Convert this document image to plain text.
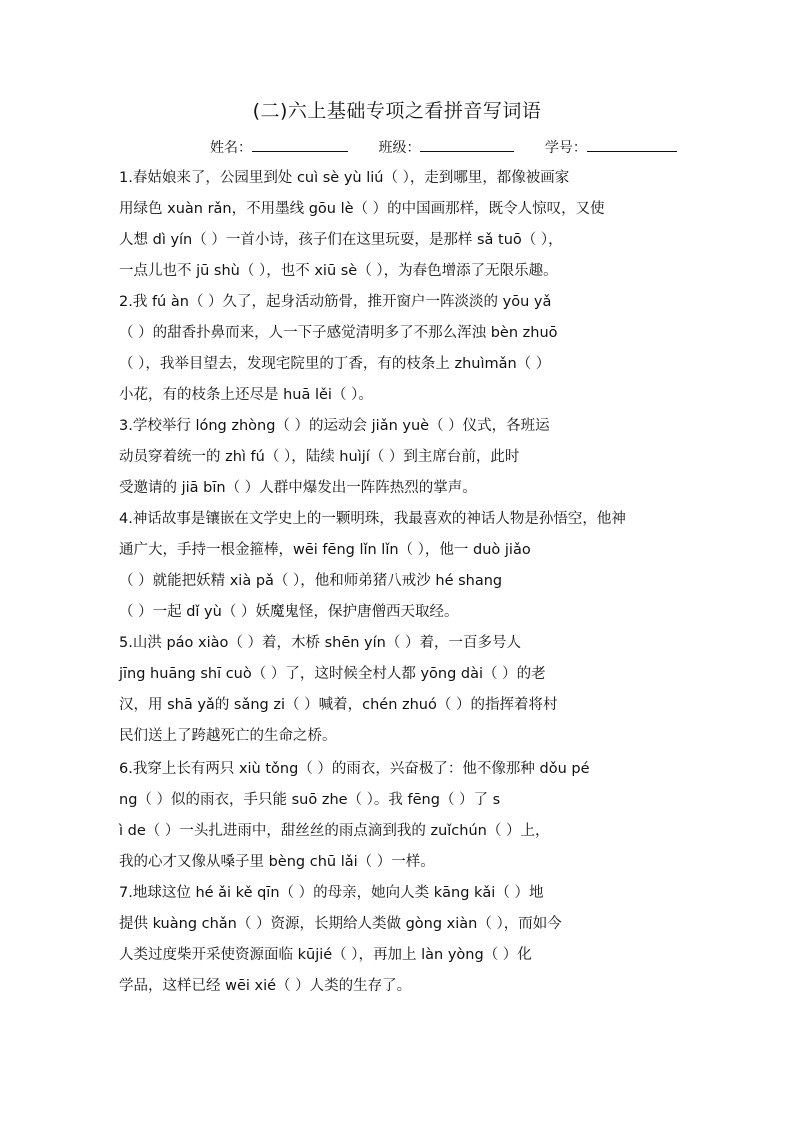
(二)六上基础专项之看拼音写词语
姓名：	班级：	学号：
1.春姑娘来了，公园里到处 cuì sè yù liú（ ），走到哪里，都像被画家
用绿色 xuàn rǎn，不用墨线 gōu lè（ ）的中国画那样，既令人惊叹，又使
人想 dì yín（ ）一首小诗，孩子们在这里玩耍，是那样 sǎ tuō（ ），
一点儿也不 jū shù（ ），也不 xiū sè（ ），为春色增添了无限乐趣。
2.我 fú àn（ ）久了，起身活动筋骨，推开窗户一阵淡淡的 yōu yǎ
（ ）的甜香扑鼻而来，人一下子感觉清明多了不那么浑浊 bèn zhuō
（ ），我举目望去，发现宅院里的丁香，有的枝条上 zhuìmǎn（ ）
小花，有的枝条上还尽是 huā lěi（ ）。
3.学校举行 lóng zhòng（ ）的运动会 jiǎn yuè（ ）仪式，各班运
动员穿着统一的 zhì fú（ ），陆续 huìjí（ ）到主席台前，此时
受邀请的 jiā bīn（ ）人群中爆发出一阵阵热烈的掌声。
4.神话故事是镶嵌在文学史上的一颗明珠，我最喜欢的神话人物是孙悟空，他神
通广大，手持一根金箍棒，wēi fēng lǐn lǐn（ ），他一 duò jiǎo
（ ）就能把妖精 xià pǎ（ ），他和师弟猪八戒沙 hé shang
（ ）一起 dǐ yù（ ）妖魔鬼怪，保护唐僧西天取经。
5.山洪 páo xiào（ ）着，木桥 shēn yín（ ）着，一百多号人
jīng huāng shī cuò（ ）了，这时候全村人都 yōng dài（ ）的老
汉，用 shā yǎ的 sǎng zi（ ）喊着，chén zhuó（ ）的指挥着将村
民们送上了跨越死亡的生命之桥。
6.我穿上长有两只 xiù tǒng（ ）的雨衣，兴奋极了：他不像那种 dǒu pé
ng（ ）似的雨衣，手只能 suō zhe（ ）。我 fēng（ ）了 s
ì de（ ）一头扎进雨中，甜丝丝的雨点滴到我的 zuǐchún（ ）上，
我的心才又像从嗓子里 bèng chū lǎi（ ）一样。
7.地球这位 hé ǎi kě qīn（ ）的母亲，她向人类 kāng kǎi（ ）地
提供 kuàng chǎn（ ）资源，长期给人类做 gòng xiàn（ ），而如今
人类过度柴开采使资源面临 kūjié（ ），再加上 làn yòng（ ）化
学品，这样已经 wēi xié（ ）人类的生存了。
